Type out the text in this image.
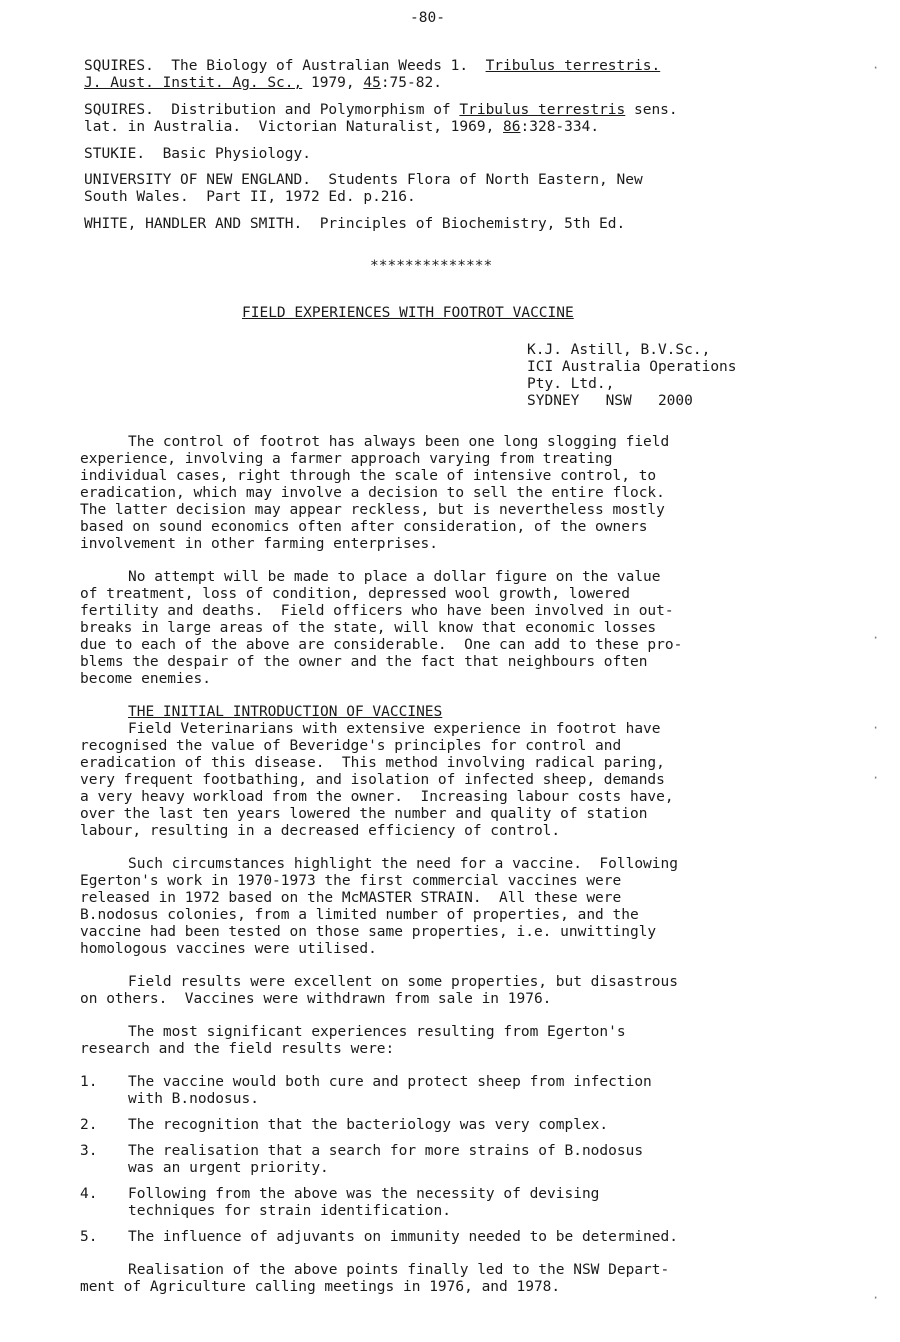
-80-
SQUIRES.  The Biology of Australian Weeds 1.  Tribulus terrestris.
J. Aust. Instit. Ag. Sc., 1979, 45:75-82.
SQUIRES.  Distribution and Polymorphism of Tribulus terrestris sens.
lat. in Australia.  Victorian Naturalist, 1969, 86:328-334.
STUKIE.  Basic Physiology.
UNIVERSITY OF NEW ENGLAND.  Students Flora of North Eastern, New
South Wales.  Part II, 1972 Ed. p.216.
WHITE, HANDLER AND SMITH.  Principles of Biochemistry, 5th Ed.
**************
FIELD EXPERIENCES WITH FOOTROT VACCINE
K.J. Astill, B.V.Sc.,
ICI Australia Operations
Pty. Ltd.,
SYDNEY   NSW   2000
The control of footrot has always been one long slogging field
experience, involving a farmer approach varying from treating
individual cases, right through the scale of intensive control, to
eradication, which may involve a decision to sell the entire flock.
The latter decision may appear reckless, but is nevertheless mostly
based on sound economics often after consideration, of the owners
involvement in other farming enterprises.
No attempt will be made to place a dollar figure on the value
of treatment, loss of condition, depressed wool growth, lowered
fertility and deaths.  Field officers who have been involved in out-
breaks in large areas of the state, will know that economic losses
due to each of the above are considerable.  One can add to these pro-
blems the despair of the owner and the fact that neighbours often
become enemies.
THE INITIAL INTRODUCTION OF VACCINES
Field Veterinarians with extensive experience in footrot have
recognised the value of Beveridge's principles for control and
eradication of this disease.  This method involving radical paring,
very frequent footbathing, and isolation of infected sheep, demands
a very heavy workload from the owner.  Increasing labour costs have,
over the last ten years lowered the number and quality of station
labour, resulting in a decreased efficiency of control.
Such circumstances highlight the need for a vaccine.  Following
Egerton's work in 1970-1973 the first commercial vaccines were
released in 1972 based on the McMASTER STRAIN.  All these were
B.nodosus colonies, from a limited number of properties, and the
vaccine had been tested on those same properties, i.e. unwittingly
homologous vaccines were utilised.
Field results were excellent on some properties, but disastrous
on others.  Vaccines were withdrawn from sale in 1976.
The most significant experiences resulting from Egerton's
research and the field results were:
1.	The vaccine would both cure and protect sheep from infection
with B.nodosus.
2.	The recognition that the bacteriology was very complex.
3.	The realisation that a search for more strains of B.nodosus
was an urgent priority.
4.	Following from the above was the necessity of devising
techniques for strain identification.
5.	The influence of adjuvants on immunity needed to be determined.
Realisation of the above points finally led to the NSW Depart-
ment of Agriculture calling meetings in 1976, and 1978.
·
·
·
·
·
